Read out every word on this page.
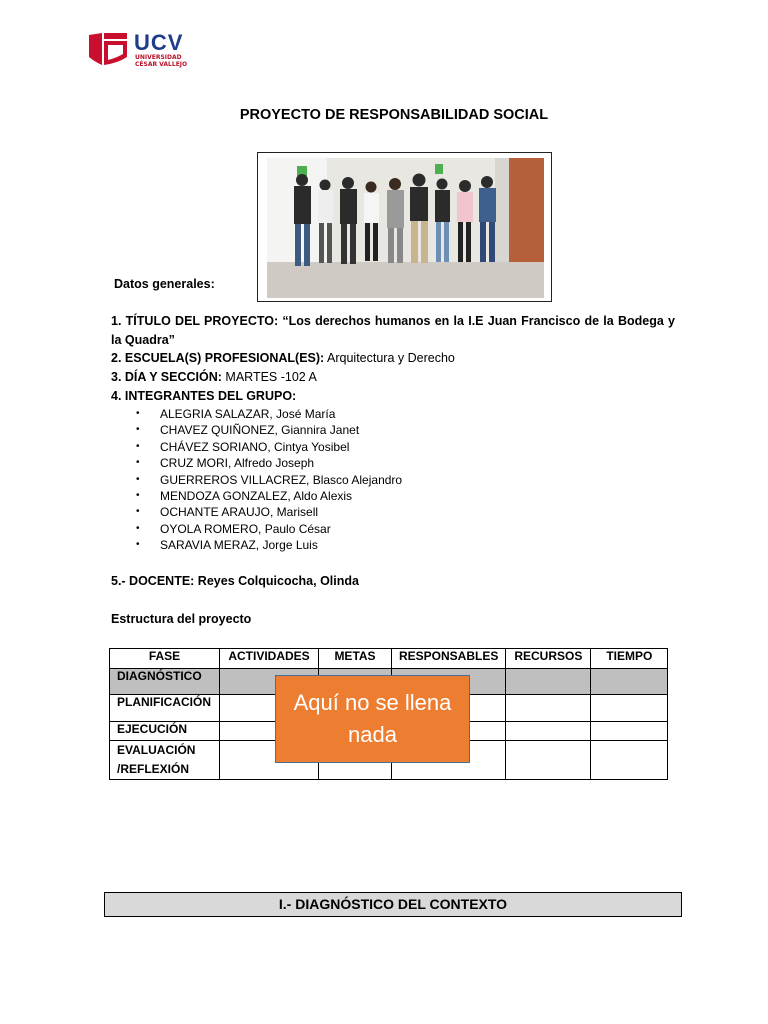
UCV
UNIVERSIDAD
CÉSAR VALLEJO
PROYECTO DE RESPONSABILIDAD SOCIAL
Datos generales:
1. TÍTULO DEL PROYECTO: “Los derechos humanos en la I.E Juan Francisco de la Bodega y la Quadra”
2. ESCUELA(S) PROFESIONAL(ES): Arquitectura y Derecho
3. DÍA Y SECCIÓN: MARTES -102 A
4. INTEGRANTES DEL GRUPO:
• ALEGRIA SALAZAR, José María
• CHAVEZ QUIÑONEZ, Giannira Janet
• CHÁVEZ SORIANO, Cintya Yosibel
• CRUZ MORI, Alfredo Joseph
• GUERREROS VILLACREZ, Blasco Alejandro
• MENDOZA GONZALEZ, Aldo Alexis
• OCHANTE ARAUJO, Marisell
• OYOLA ROMERO, Paulo César
• SARAVIA MERAZ, Jorge Luis
5.- DOCENTE: Reyes Colquicocha, Olinda
Estructura del proyecto
FASE	ACTIVIDADES	METAS	RESPONSABLES	RECURSOS	TIEMPO
DIAGNÓSTICO					
PLANIFICACIÓN					
EJECUCIÓN					
EVALUACIÓN /REFLEXIÓN					
Aquí no se llena nada
I.- DIAGNÓSTICO DEL CONTEXTO
